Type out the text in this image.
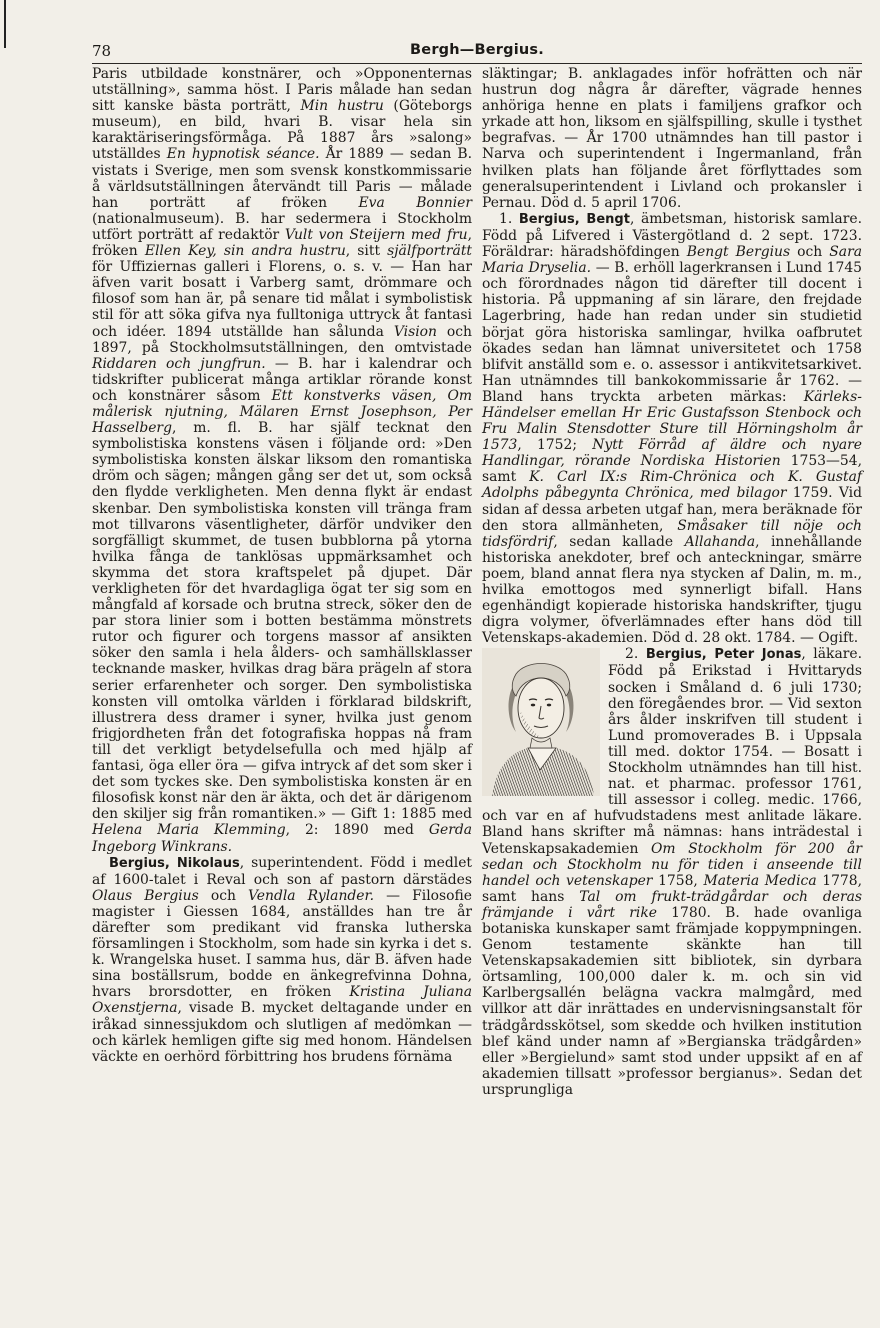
78	Bergh—Bergius.

Paris utbildade konstnärer, och »Opponenternas utställning», samma höst. I Paris målade han sedan sitt kanske bästa porträtt, Min hustru (Göteborgs museum), en bild, hvari B. visar hela sin karaktäriseringsförmåga. På 1887 års »salong» utställdes En hypnotisk séance. År 1889 — sedan B. vistats i Sverige, men som svensk konstkommissarie å världsutställningen återvändt till Paris — målade han porträtt af fröken Eva Bonnier (nationalmuseum). B. har sedermera i Stockholm utfört porträtt af redaktör Vult von Steijern med fru, fröken Ellen Key, sin andra hustru, sitt själfporträtt för Uffiziernas galleri i Florens, o. s. v. — Han har äfven varit bosatt i Varberg samt, drömmare och filosof som han är, på senare tid målat i symbolistisk stil för att söka gifva nya fulltoniga uttryck åt fantasi och idéer. 1894 utställde han sålunda Vision och 1897, på Stockholmsutställningen, den omtvistade Riddaren och jungfrun. — B. har i kalendrar och tidskrifter publicerat många artiklar rörande konst och konstnärer såsom Ett konstverks väsen, Om målerisk njutning, Mälaren Ernst Josephson, Per Hasselberg, m. fl. B. har själf tecknat den symbolistiska konstens väsen i följande ord: »Den symbolistiska konsten älskar liksom den romantiska dröm och sägen; mången gång ser det ut, som också den flydde verkligheten. Men denna flykt är endast skenbar. Den symbolistiska konsten vill tränga fram mot tillvarons väsentligheter, därför undviker den sorgfälligt skummet, de tusen bubblorna på ytorna hvilka fånga de tanklösas uppmärksamhet och skymma det stora kraftspelet på djupet. Där verkligheten för det hvardagliga ögat ter sig som en mångfald af korsade och brutna streck, söker den de par stora linier som i botten bestämma mönstrets rutor och figurer och torgens massor af ansikten söker den samla i hela ålders- och samhällsklasser tecknande masker, hvilkas drag bära prägeln af stora serier erfarenheter och sorger. Den symbolistiska konsten vill omtolka världen i förklarad bildskrift, illustrera dess dramer i syner, hvilka just genom frigjordheten från det fotografiska hoppas nå fram till det verkligt betydelsefulla och med hjälp af fantasi, öga eller öra — gifva intryck af det som sker i det som tyckes ske. Den symbolistiska konsten är en filosofisk konst när den är äkta, och det är därigenom den skiljer sig från romantiken.» — Gift 1: 1885 med Helena Maria Klemming, 2: 1890 med Gerda Ingeborg Winkrans.

Bergius, Nikolaus, superintendent. Född i medlet af 1600-talet i Reval och son af pastorn därstädes Olaus Bergius och Vendla Rylander. — Filosofie magister i Giessen 1684, anställdes han tre år därefter som predikant vid franska lutherska församlingen i Stockholm, som hade sin kyrka i det s. k. Wrangelska huset. I samma hus, där B. äfven hade sina boställsrum, bodde en änkegrefvinna Dohna, hvars brorsdotter, en fröken Kristina Juliana Oxenstjerna, visade B. mycket deltagande under en iråkad sinnessjukdom och slutligen af medömkan — och kärlek hemligen gifte sig med honom. Händelsen väckte en oerhörd förbittring hos brudens förnäma

släktingar; B. anklagades inför hofrätten och när hustrun dog några år därefter, vägrade hennes anhöriga henne en plats i familjens grafkor och yrkade att hon, liksom en själfspilling, skulle i tysthet begrafvas. — År 1700 utnämndes han till pastor i Narva och superintendent i Ingermanland, från hvilken plats han följande året förflyttades som generalsuperintendent i Livland och prokansler i Pernau. Död d. 5 april 1706.

1. Bergius, Bengt, ämbetsman, historisk samlare. Född på Lifvered i Västergötland d. 2 sept. 1723. Föräldrar: häradshöfdingen Bengt Bergius och Sara Maria Dryselia. — B. erhöll lagerkransen i Lund 1745 och förordnades någon tid därefter till docent i historia. På uppmaning af sin lärare, den frejdade Lagerbring, hade han redan under sin studietid börjat göra historiska samlingar, hvilka oafbrutet ökades sedan han lämnat universitetet och 1758 blifvit anställd som e. o. assessor i antikvitetsarkivet. Han utnämndes till bankokommissarie år 1762. — Bland hans tryckta arbeten märkas: Kärleks-Händelser emellan Hr Eric Gustafsson Stenbock och Fru Malin Stensdotter Sture till Hörningsholm år 1573, 1752; Nytt Förråd af äldre och nyare Handlingar, rörande Nordiska Historien 1753—54, samt K. Carl IX:s Rim-Chrönica och K. Gustaf Adolphs påbegynta Chrönica, med bilagor 1759. Vid sidan af dessa arbeten utgaf han, mera beräknade för den stora allmänheten, Småsaker till nöje och tidsfördrif, sedan kallade Allahanda, innehållande historiska anekdoter, bref och anteckningar, smärre poem, bland annat flera nya stycken af Dalin, m. m., hvilka emottogos med synnerligt bifall. Hans egenhändigt kopierade historiska handskrifter, tjugu digra volymer, öfverlämnades efter hans död till Vetenskaps-akademien. Död d. 28 okt. 1784. — Ogift.

2. Bergius, Peter Jonas, läkare. Född på Erikstad i Hvittaryds socken i Småland d. 6 juli 1730; den föregåendes bror. — Vid sexton års ålder inskrifven till student i Lund promoverades B. i Uppsala till med. doktor 1754. — Bosatt i Stockholm utnämndes han till hist. nat. et pharmac. professor 1761, till assessor i colleg. medic. 1766, och var en af hufvudstadens mest anlitade läkare. Bland hans skrifter må nämnas: hans inträdestal i Vetenskapsakademien Om Stockholm för 200 år sedan och Stockholm nu för tiden i anseende till handel och vetenskaper 1758, Materia Medica 1778, samt hans Tal om frukt-trädgårdar och deras främjande i vårt rike 1780. B. hade ovanliga botaniska kunskaper samt främjade koppympningen. Genom testamente skänkte han till Vetenskapsakademien sitt bibliotek, sin dyrbara örtsamling, 100,000 daler k. m. och sin vid Karlbergsallén belägna vackra malmgård, med villkor att där inrättades en undervisningsanstalt för trädgårdsskötsel, som skedde och hvilken institution blef känd under namn af »Bergianska trädgården» eller »Bergielund» samt stod under uppsikt af en af akademien tillsatt »professor bergianus». Sedan det ursprungliga
